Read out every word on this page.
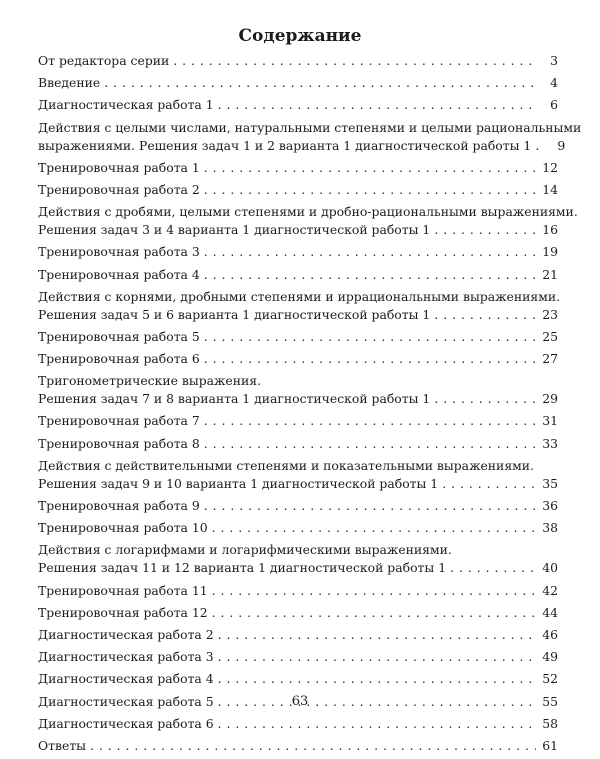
Содержание
От редактора серии . . .	3
Введение . . .	4
Диагностическая работа 1 . . .	6
Действия с целыми числами, натуральными степенями и целыми рациональными
выражениями. Решения задач 1 и 2 варианта 1 диагностической работы 1 . . .	9
Тренировочная работа 1 . . .	12
Тренировочная работа 2 . . .	14
Действия с дробями, целыми степенями и дробно-рациональными выражениями.
Решения задач 3 и 4 варианта 1 диагностической работы 1 . . .	16
Тренировочная работа 3 . . .	19
Тренировочная работа 4 . . .	21
Действия с корнями, дробными степенями и иррациональными выражениями.
Решения задач 5 и 6 варианта 1 диагностической работы 1 . . .	23
Тренировочная работа 5 . . .	25
Тренировочная работа 6 . . .	27
Тригонометрические выражения.
Решения задач 7 и 8 варианта 1 диагностической работы 1 . . .	29
Тренировочная работа 7 . . .	31
Тренировочная работа 8 . . .	33
Действия с действительными степенями и показательными выражениями.
Решения задач 9 и 10 варианта 1 диагностической работы 1 . . .	35
Тренировочная работа 9 . . .	36
Тренировочная работа 10 . . .	38
Действия с логарифмами и логарифмическими выражениями.
Решения задач 11 и 12 варианта 1 диагностической работы 1 . . .	40
Тренировочная работа 11 . . .	42
Тренировочная работа 12 . . .	44
Диагностическая работа 2 . . .	46
Диагностическая работа 3 . . .	49
Диагностическая работа 4 . . .	52
Диагностическая работа 5 . . .	55
Диагностическая работа 6 . . .	58
Ответы . . .	61
63
